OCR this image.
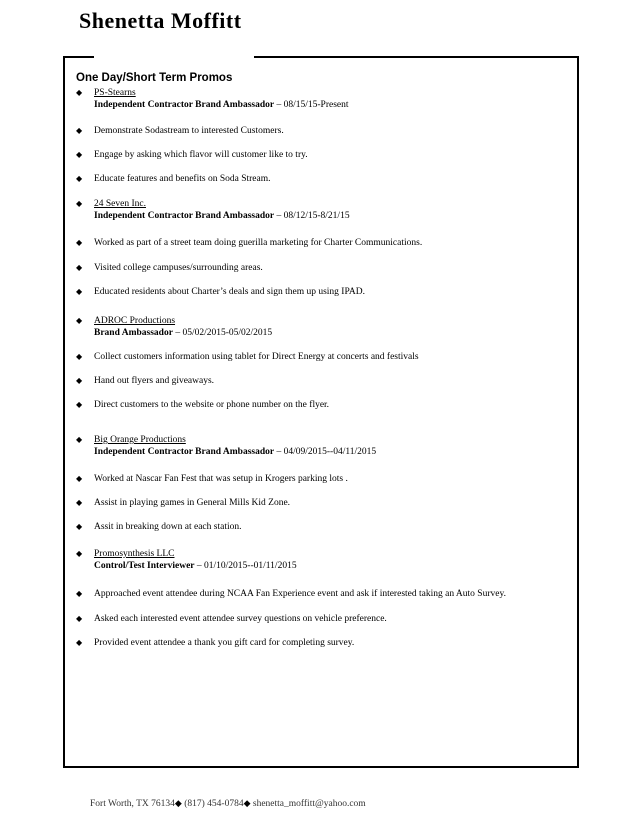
Shenetta Moffitt
One Day/Short Term Promos
◆	PS-Stearns
Independent Contractor Brand Ambassador – 08/15/15-Present
◆	Demonstrate Sodastream to interested Customers.
◆	Engage by asking which flavor will customer like to try.
◆	Educate features and benefits on Soda Stream.
◆	24 Seven Inc.
Independent Contractor Brand Ambassador – 08/12/15-8/21/15
◆	Worked as part of a street team doing guerilla marketing for Charter Communications.
◆	Visited college campuses/surrounding areas.
◆	Educated residents about Charter’s deals and sign them up using IPAD.
◆	ADROC Productions
Brand Ambassador – 05/02/2015-05/02/2015
◆	Collect customers information using tablet for Direct Energy at concerts and festivals
◆	Hand out flyers and giveaways.
◆	Direct customers to the website or phone number on the flyer.
◆	Big Orange Productions
Independent Contractor Brand Ambassador – 04/09/2015--04/11/2015
◆	Worked at Nascar Fan Fest that was setup in Krogers parking lots .
◆	Assist in playing games in General Mills Kid Zone.
◆	Assit in breaking down at each station.
◆	Promosynthesis LLC
Control/Test Interviewer – 01/10/2015--01/11/2015
◆	Approached event attendee during NCAA Fan Experience event and ask if interested taking an Auto Survey.
◆	Asked each interested event attendee survey questions on vehicle preference.
◆	Provided event attendee a thank you gift card for completing survey.
Fort Worth, TX 76134◆ (817) 454-0784◆ shenetta_moffitt@yahoo.com
